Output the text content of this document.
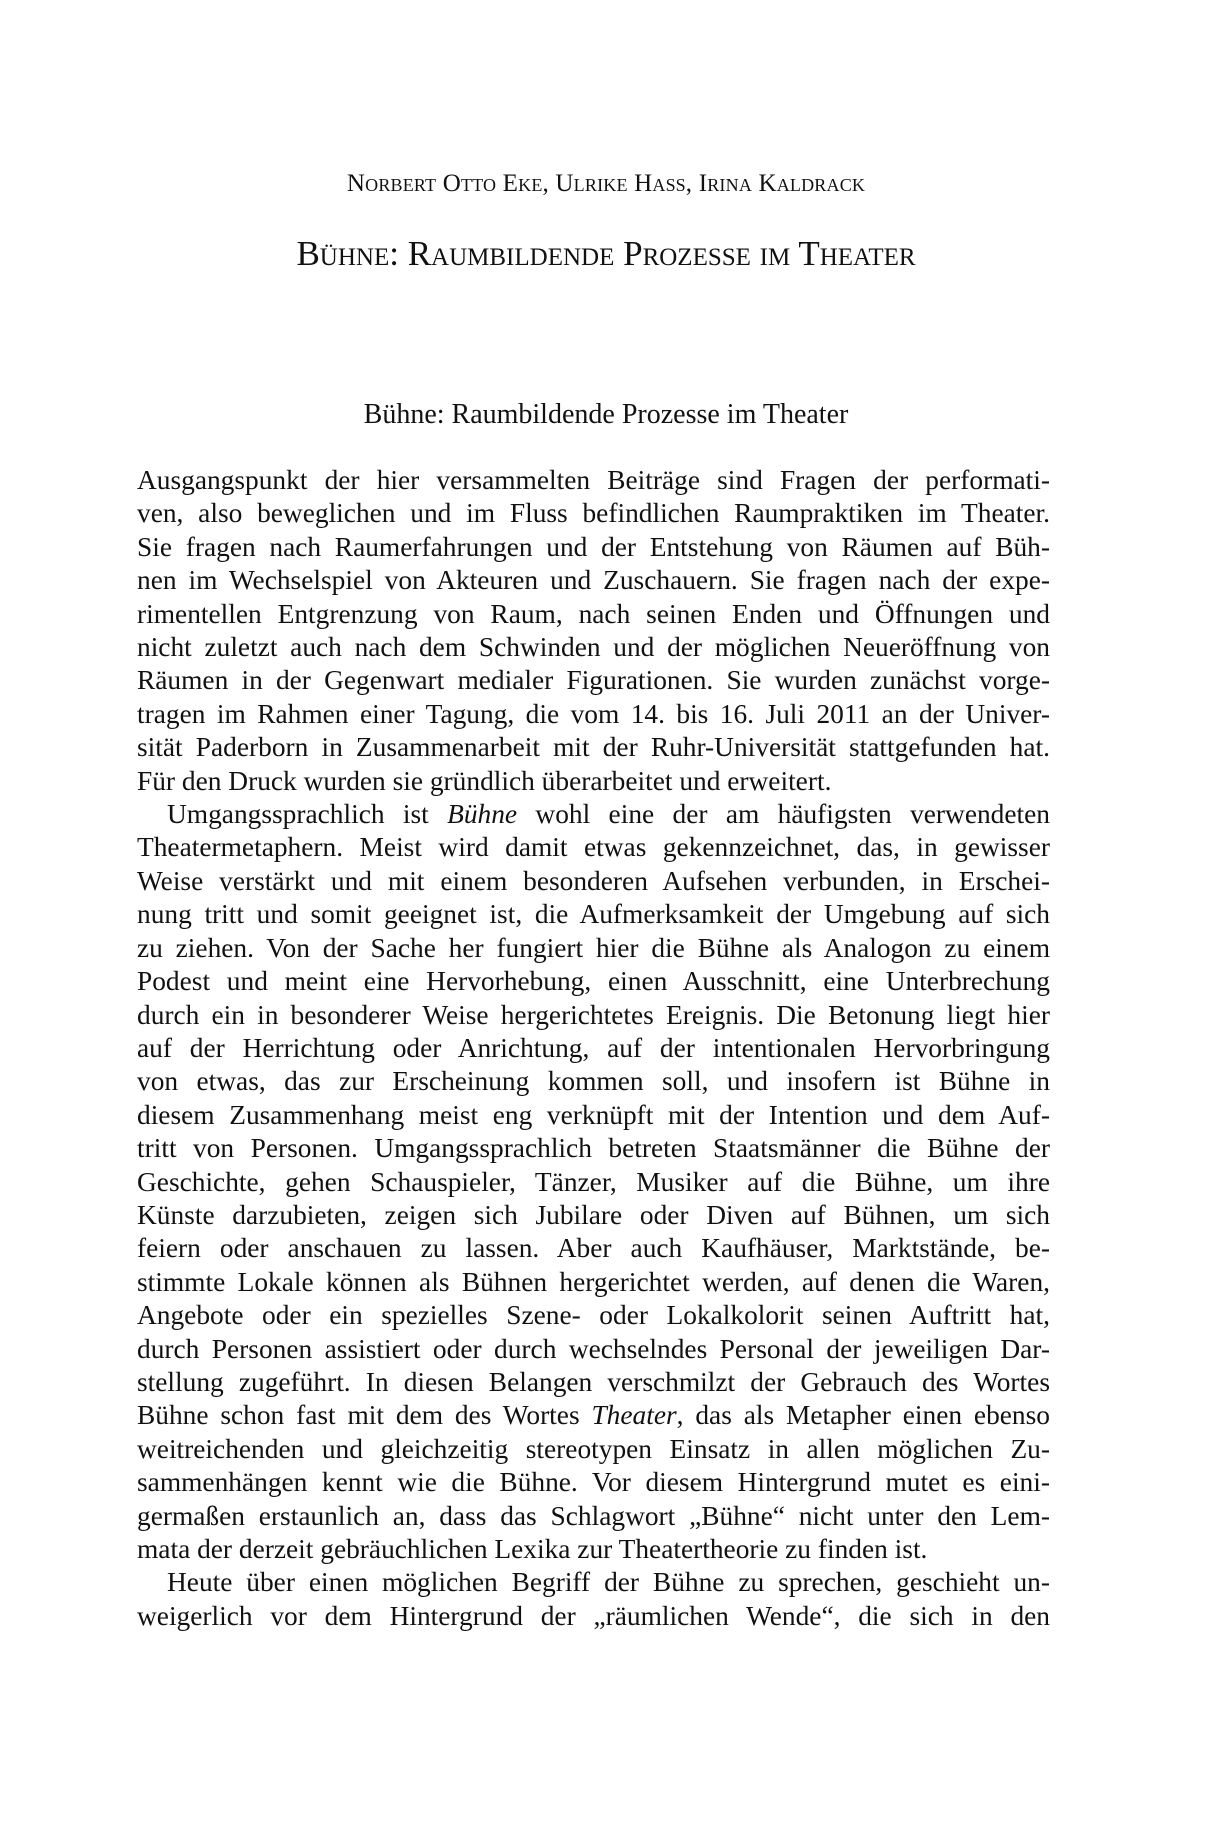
Norbert Otto Eke, Ulrike Haß, Irina Kaldrack
Bühne: Raumbildende Prozesse im Theater
Bühne: Raumbildende Prozesse im Theater

Ausgangspunkt der hier versammelten Beiträge sind Fragen der performati-
ven, also beweglichen und im Fluss befindlichen Raumpraktiken im Theater.
Sie fragen nach Raumerfahrungen und der Entstehung von Räumen auf Büh-
nen im Wechselspiel von Akteuren und Zuschauern. Sie fragen nach der expe-
rimentellen Entgrenzung von Raum, nach seinen Enden und Öffnungen und
nicht zuletzt auch nach dem Schwinden und der möglichen Neueröffnung von
Räumen in der Gegenwart medialer Figurationen. Sie wurden zunächst vorge-
tragen im Rahmen einer Tagung, die vom 14. bis 16. Juli 2011 an der Univer-
sität Paderborn in Zusammenarbeit mit der Ruhr-Universität stattgefunden hat.
Für den Druck wurden sie gründlich überarbeitet und erweitert.

Umgangssprachlich ist Bühne wohl eine der am häufigsten verwendeten
Theatermetaphern. Meist wird damit etwas gekennzeichnet, das, in gewisser
Weise verstärkt und mit einem besonderen Aufsehen verbunden, in Erschei-
nung tritt und somit geeignet ist, die Aufmerksamkeit der Umgebung auf sich
zu ziehen. Von der Sache her fungiert hier die Bühne als Analogon zu einem
Podest und meint eine Hervorhebung, einen Ausschnitt, eine Unterbrechung
durch ein in besonderer Weise hergerichtetes Ereignis. Die Betonung liegt hier
auf der Herrichtung oder Anrichtung, auf der intentionalen Hervorbringung
von etwas, das zur Erscheinung kommen soll, und insofern ist Bühne in
diesem Zusammenhang meist eng verknüpft mit der Intention und dem Auf-
tritt von Personen. Umgangssprachlich betreten Staatsmänner die Bühne der
Geschichte, gehen Schauspieler, Tänzer, Musiker auf die Bühne, um ihre
Künste darzubieten, zeigen sich Jubilare oder Diven auf Bühnen, um sich
feiern oder anschauen zu lassen. Aber auch Kaufhäuser, Marktstände, be-
stimmte Lokale können als Bühnen hergerichtet werden, auf denen die Waren,
Angebote oder ein spezielles Szene- oder Lokalkolorit seinen Auftritt hat,
durch Personen assistiert oder durch wechselndes Personal der jeweiligen Dar-
stellung zugeführt. In diesen Belangen verschmilzt der Gebrauch des Wortes
Bühne schon fast mit dem des Wortes Theater, das als Metapher einen ebenso
weitreichenden und gleichzeitig stereotypen Einsatz in allen möglichen Zu-
sammenhängen kennt wie die Bühne. Vor diesem Hintergrund mutet es eini-
germaßen erstaunlich an, dass das Schlagwort „Bühne“ nicht unter den Lem-
mata der derzeit gebräuchlichen Lexika zur Theatertheorie zu finden ist.

Heute über einen möglichen Begriff der Bühne zu sprechen, geschieht un-
weigerlich vor dem Hintergrund der „räumlichen Wende“, die sich in den
